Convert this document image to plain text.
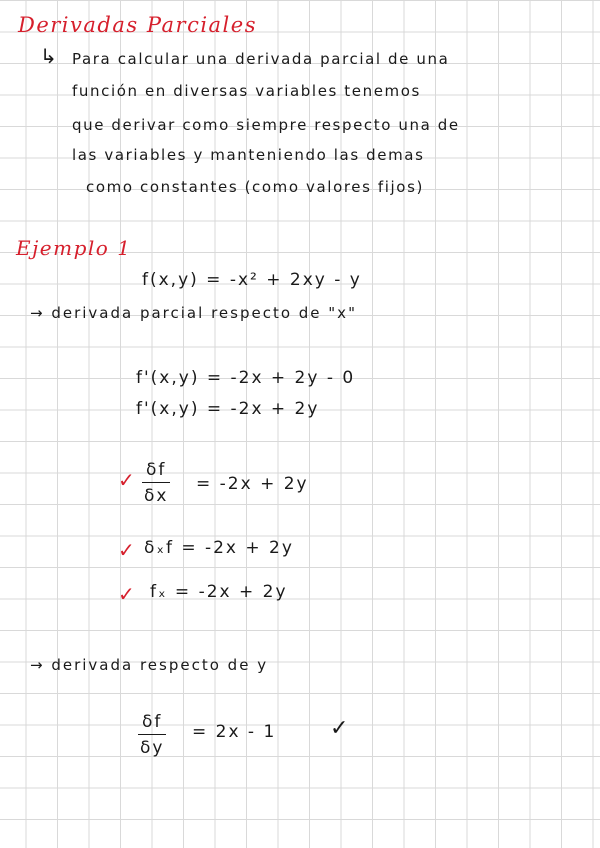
Derivadas Parciales
↳ Para calcular una derivada parcial de una
función en diversas variables tenemos
que derivar como siempre respecto una de
las variables y manteniendo las demas
como constantes (como valores fijos)
Ejemplo 1
f(x,y) = -x² + 2xy - y
→ derivada parcial respecto de "x"
f'(x,y) = -2x + 2y - 0
f'(x,y) = -2x + 2y
✓ $\frac{\delta f}{\delta x} = -2x + 2y$
✓ δₓf = -2x + 2y
✓ fₓ = -2x + 2y
→ derivada respecto de y
$\frac{\delta f}{\delta y} = 2x - 1$ ✓
